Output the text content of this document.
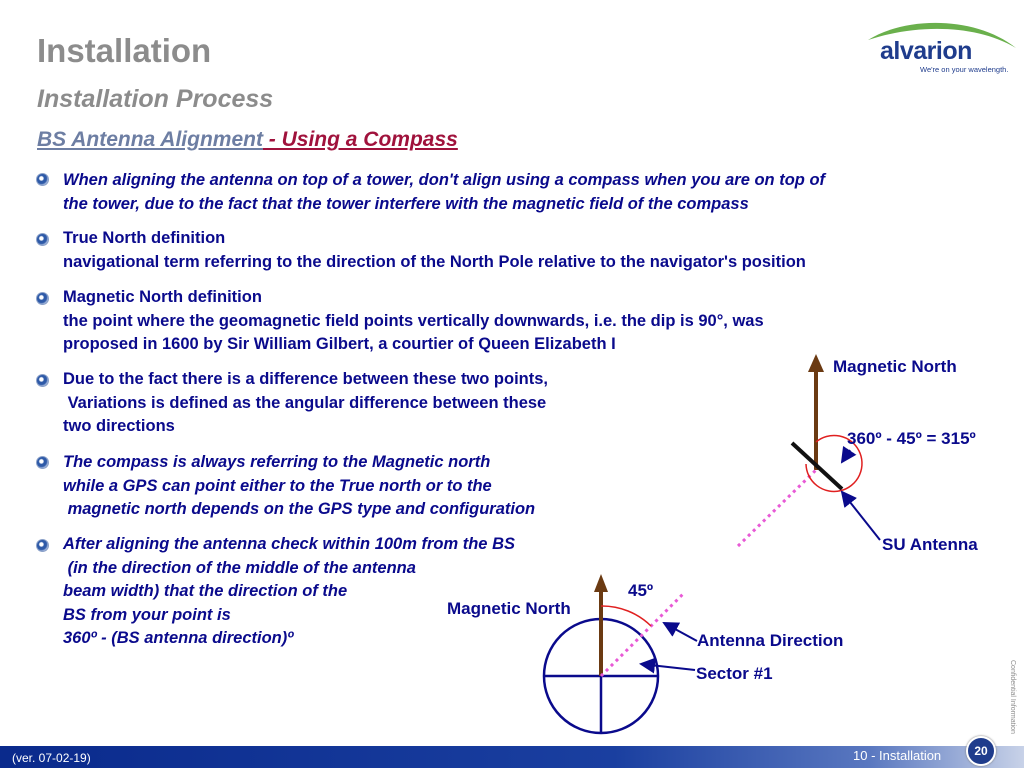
Installation
Installation Process
BS Antenna Alignment - Using a Compass
alvarion
We're on your wavelength.
When aligning the antenna on top of a tower, don't align using a compass when you are on top of
the tower, due to the fact that the tower interfere with the magnetic field of the compass
True North definition
navigational term referring to the direction of the North Pole relative to the navigator's position
Magnetic North definition
the point where the geomagnetic field points vertically downwards, i.e. the dip is 90°, was
proposed in 1600 by Sir William Gilbert, a courtier of Queen Elizabeth I
Due to the fact there is a difference between these two points,
Variations is defined as the angular difference between these
two directions
The compass is always referring to the Magnetic north
while a GPS can point either to the True north or to the
magnetic north depends on the GPS type and configuration
After aligning the antenna check within 100m from the BS
(in the direction of the middle of the antenna
beam width) that the direction of the
BS from your point is
360º - (BS antenna direction)º
Magnetic North
360º - 45º = 315º
SU Antenna
45º
Magnetic North
Antenna Direction
Sector #1	Confidential Information
(ver. 07-02-19)	10 - Installation	20
